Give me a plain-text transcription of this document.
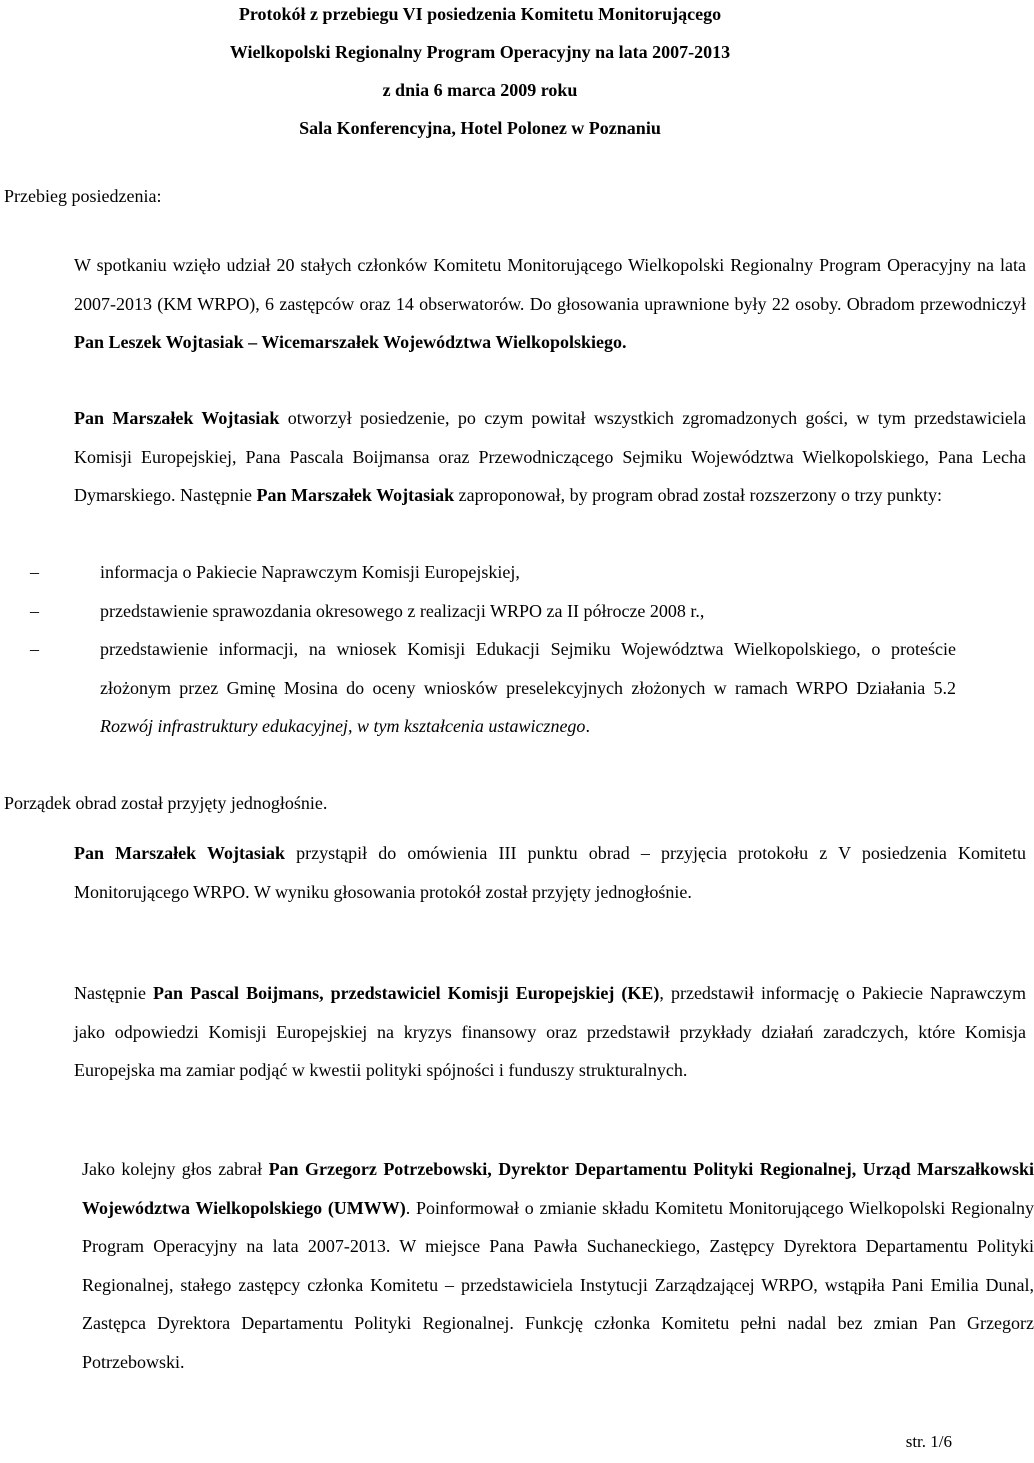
Protokół z przebiegu VI posiedzenia Komitetu Monitorującego
Wielkopolski Regionalny Program Operacyjny na lata 2007-2013
z dnia 6 marca 2009 roku
Sala Konferencyjna, Hotel Polonez w Poznaniu
Przebieg posiedzenia:
W spotkaniu wzięło udział 20 stałych członków Komitetu Monitorującego Wielkopolski Regionalny Program Operacyjny na lata 2007-2013 (KM WRPO), 6 zastępców oraz 14 obserwatorów. Do głosowania uprawnione były 22 osoby. Obradom przewodniczył Pan Leszek Wojtasiak – Wicemarszałek Województwa Wielkopolskiego.
Pan Marszałek Wojtasiak otworzył posiedzenie, po czym powitał wszystkich zgromadzonych gości, w tym przedstawiciela Komisji Europejskiej, Pana Pascala Boijmansa oraz Przewodniczącego Sejmiku Województwa Wielkopolskiego, Pana Lecha Dymarskiego. Następnie Pan Marszałek Wojtasiak zaproponował, by program obrad został rozszerzony o trzy punkty:
–	informacja o Pakiecie Naprawczym Komisji Europejskiej,
–	przedstawienie sprawozdania okresowego z realizacji WRPO za II półrocze 2008 r.,
–	przedstawienie informacji, na wniosek Komisji Edukacji Sejmiku Województwa Wielkopolskiego, o proteście złożonym przez Gminę Mosina do oceny wniosków preselekcyjnych złożonych w ramach WRPO Działania 5.2 Rozwój infrastruktury edukacyjnej, w tym kształcenia ustawicznego.
Porządek obrad został przyjęty jednogłośnie.
Pan Marszałek Wojtasiak przystąpił do omówienia III punktu obrad – przyjęcia protokołu z V posiedzenia Komitetu Monitorującego WRPO. W wyniku głosowania protokół został przyjęty jednogłośnie.
Następnie Pan Pascal Boijmans, przedstawiciel Komisji Europejskiej (KE), przedstawił informację o Pakiecie Naprawczym jako odpowiedzi Komisji Europejskiej na kryzys finansowy oraz przedstawił przykłady działań zaradczych, które Komisja Europejska ma zamiar podjąć w kwestii polityki spójności i funduszy strukturalnych.
Jako kolejny głos zabrał Pan Grzegorz Potrzebowski, Dyrektor Departamentu Polityki Regionalnej, Urząd Marszałkowski Województwa Wielkopolskiego (UMWW). Poinformował o zmianie składu Komitetu Monitorującego Wielkopolski Regionalny Program Operacyjny na lata 2007-2013. W miejsce Pana Pawła Suchaneckiego, Zastępcy Dyrektora Departamentu Polityki Regionalnej, stałego zastępcy członka Komitetu – przedstawiciela Instytucji Zarządzającej WRPO, wstąpiła Pani Emilia Dunal, Zastępca Dyrektora Departamentu Polityki Regionalnej. Funkcję członka Komitetu pełni nadal bez zmian Pan Grzegorz Potrzebowski.
str. 1/6
